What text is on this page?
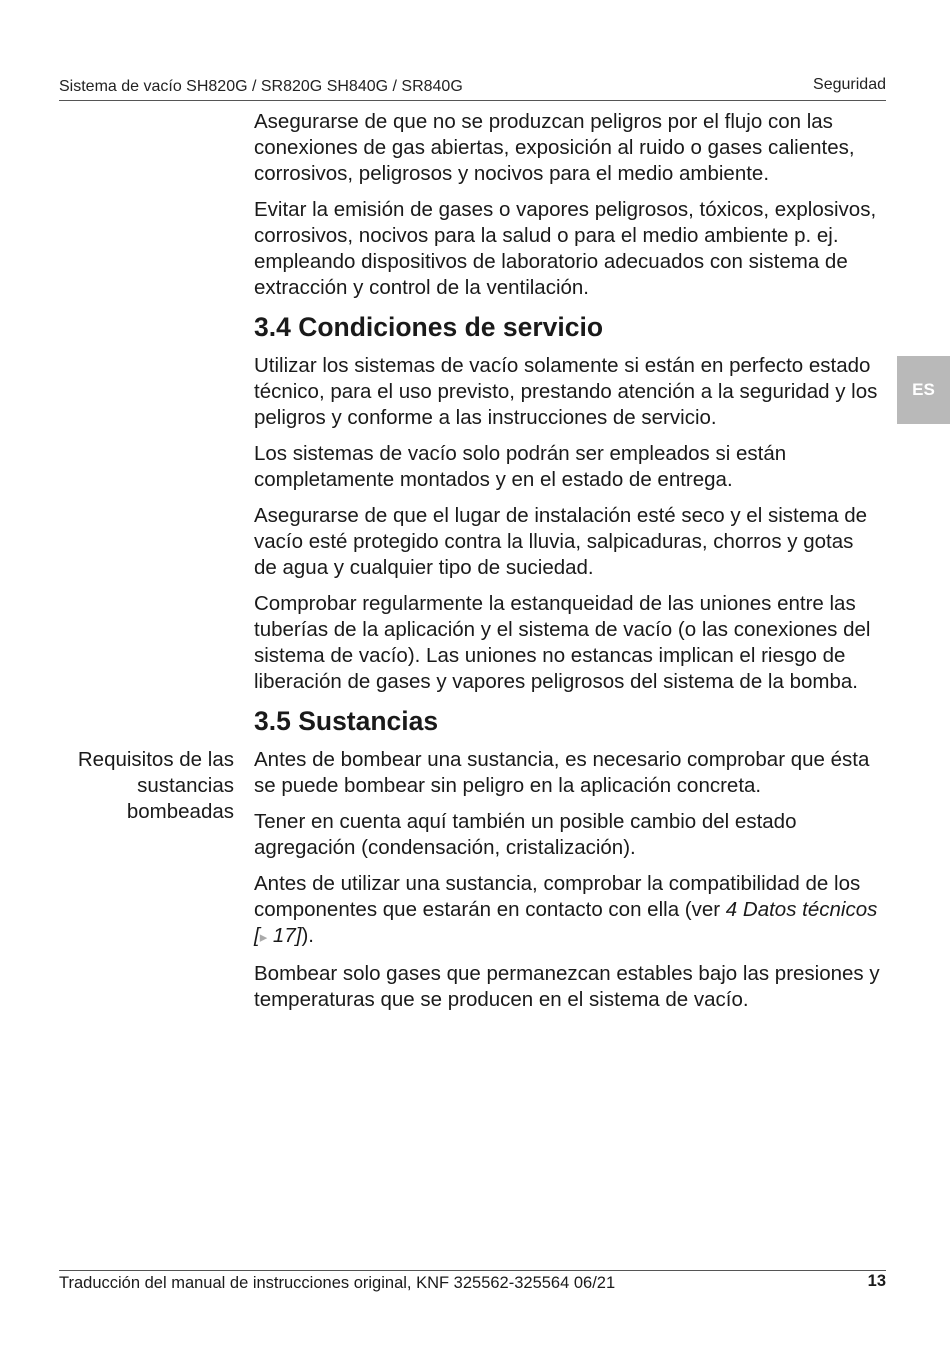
Sistema de vacío SH820G / SR820G SH840G / SR840G	Seguridad
ES

Asegurarse de que no se produzcan peligros por el flujo con las conexiones de gas abiertas, exposición al ruido o gases calientes, corrosivos, peligrosos y nocivos para el medio ambiente.

Evitar la emisión de gases o vapores peligrosos, tóxicos, explosivos, corrosivos, nocivos para la salud o para el medio ambiente p. ej. empleando dispositivos de laboratorio adecuados con sistema de extracción y control de la ventilación.

3.4 Condiciones de servicio

Utilizar los sistemas de vacío solamente si están en perfecto estado técnico, para el uso previsto, prestando atención a la seguridad y los peligros y conforme a las instrucciones de servicio.

Los sistemas de vacío solo podrán ser empleados si están completamente montados y en el estado de entrega.

Asegurarse de que el lugar de instalación esté seco y el sistema de vacío esté protegido contra la lluvia, salpicaduras, chorros y gotas de agua y cualquier tipo de suciedad.

Comprobar regularmente la estanqueidad de las uniones entre las tuberías de la aplicación y el sistema de vacío (o las conexiones del sistema de vacío). Las uniones no estancas implican el riesgo de liberación de gases y vapores peligrosos del sistema de la bomba.

3.5 Sustancias

Antes de bombear una sustancia, es necesario comprobar que ésta se puede bombear sin peligro en la aplicación concreta.

Tener en cuenta aquí también un posible cambio del estado agregación (condensación, cristalización).

Antes de utilizar una sustancia, comprobar la compatibilidad de los componentes que estarán en contacto con ella (ver 4 Datos técnicos [▸ 17]).

Bombear solo gases que permanezcan estables bajo las presiones y temperaturas que se producen en el sistema de vacío.

Requisitos de las sustancias bombeadas
Traducción del manual de instrucciones original, KNF 325562-325564 06/21	13
